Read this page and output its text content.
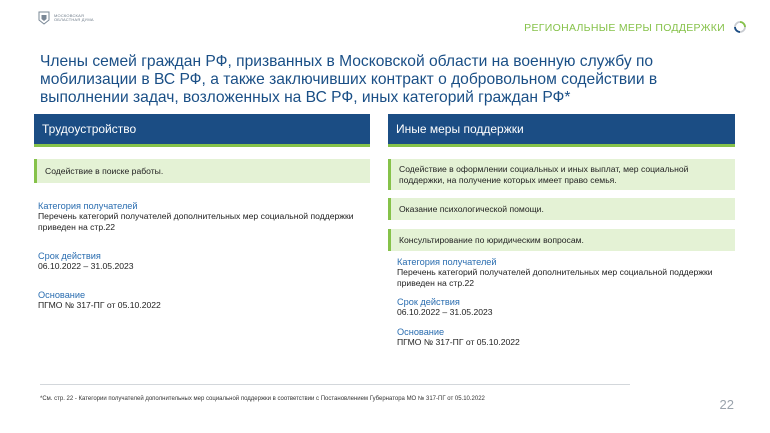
МОСКОВСКАЯ ОБЛАСТНАЯ ДУМА
РЕГИОНАЛЬНЫЕ МЕРЫ ПОДДЕРЖКИ
Члены семей граждан РФ, призванных в Московской области на военную службу по мобилизации в ВС РФ, а также заключивших контракт о добровольном содействии в выполнении задач, возложенных на ВС РФ, иных категорий граждан РФ*
Трудоустройство
Содействие в поиске работы.
Категория получателей
Перечень категорий получателей дополнительных мер социальной поддержки приведен на стр.22
Срок действия
06.10.2022 – 31.05.2023
Основание
ПГМО № 317-ПГ от 05.10.2022
Иные меры поддержки
Содействие в оформлении социальных и иных выплат, мер социальной поддержки, на получение которых имеет право семья.
Оказание психологической помощи.
Консультирование по юридическим вопросам.
Категория получателей
Перечень категорий получателей дополнительных мер социальной поддержки приведен на стр.22
Срок действия
06.10.2022 – 31.05.2023
Основание
ПГМО № 317-ПГ от 05.10.2022
*См. стр. 22 - Категории получателей дополнительных мер социальной поддержки в соответствии с Постановлением Губернатора МО № 317-ПГ от 05.10.2022	22
